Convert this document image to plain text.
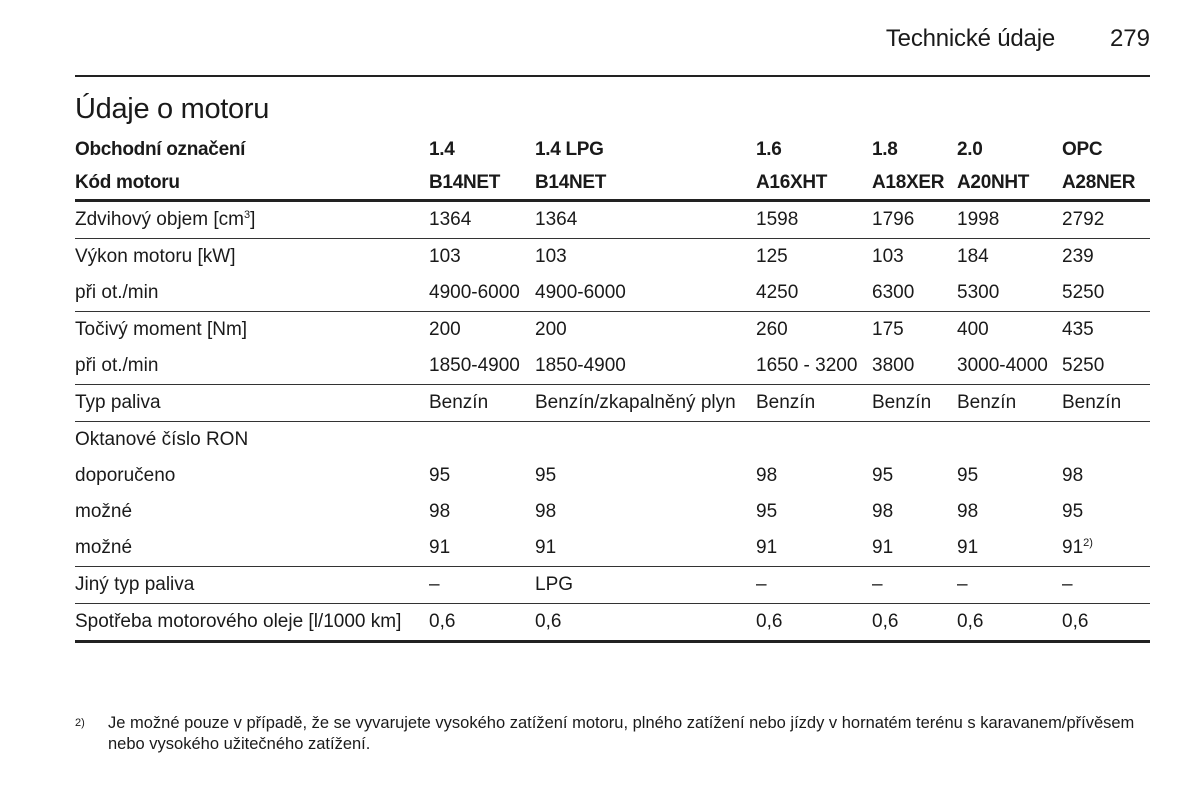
Technické údaje 279
Údaje o motoru
Obchodní označení	1.4	1.4 LPG	1.6	1.8	2.0	OPC
Kód motoru	B14NET	B14NET	A16XHT	A18XER	A20NHT	A28NER
Zdvihový objem $[cm^3]$	1364	1364	1598	1796	1998	2792
Výkon motoru [kW]	103	103	125	103	184	239
při ot./min	4900-6000	4900-6000	4250	6300	5300	5250
Točivý moment [Nm]	200	200	260	175	400	435
při ot./min	1850-4900	1850-4900	1650 - 3200	3800	3000-4000	5250
Typ paliva	Benzín	Benzín/zkapalněný plyn	Benzín	Benzín	Benzín	Benzín
Oktanové číslo RON						
doporučeno	95	95	98	95	95	98
možné	98	98	95	98	98	95
možné	91	91	91	91	91	91$^{2)}$
Jiný typ paliva	–	LPG	–	–	–	–
Spotřeba motorového oleje [l/1000 km]	0,6	0,6	0,6	0,6	0,6	0,6
2) Je možné pouze v případě, že se vyvarujete vysokého zatížení motoru, plného zatížení nebo jízdy v hornatém terénu s karavanem/přívěsem nebo vysokého užitečného zatížení.
